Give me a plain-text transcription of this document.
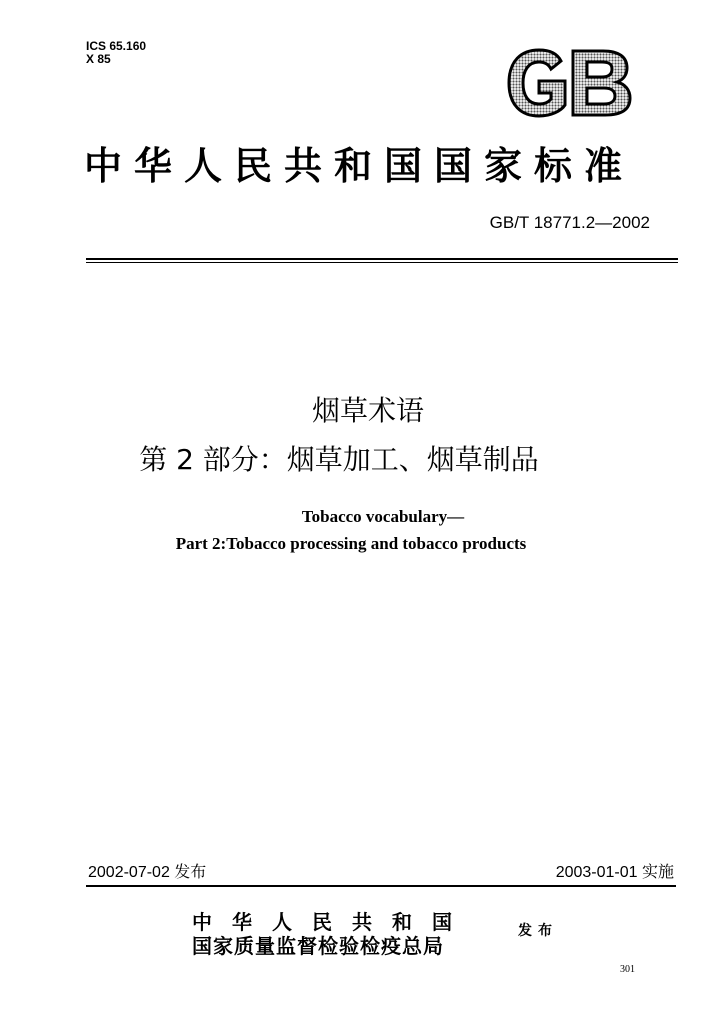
ICS 65.160
X 85
中华人民共和国国家标准
GB/T 18771.2—2002
烟草术语
第 2 部分：烟草加工、烟草制品
Tobacco vocabulary—
Part 2:Tobacco processing and tobacco products
2002-07-02 发布	2003-01-01 实施
中华人民共和国
国家质量监督检验检疫总局
发布
301
